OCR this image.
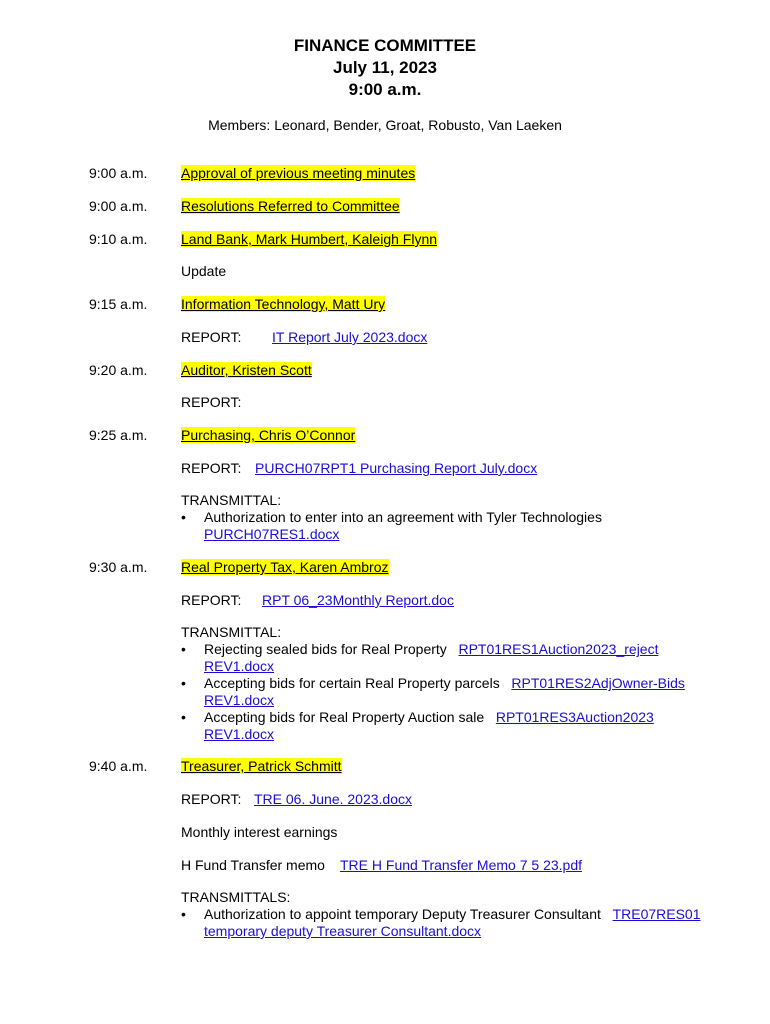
FINANCE COMMITTEE
July 11, 2023
9:00 a.m.
Members: Leonard, Bender, Groat, Robusto, Van Laeken
9:00 a.m. Approval of previous meeting minutes
9:00 a.m. Resolutions Referred to Committee
9:10 a.m. Land Bank, Mark Humbert, Kaleigh Flynn
Update
9:15 a.m. Information Technology, Matt Ury
REPORT: IT Report July 2023.docx
9:20 a.m. Auditor, Kristen Scott
REPORT:
9:25 a.m. Purchasing, Chris O’Connor
REPORT: PURCH07RPT1 Purchasing Report July.docx
TRANSMITTAL:
• Authorization to enter into an agreement with Tyler Technologies
PURCH07RES1.docx
9:30 a.m. Real Property Tax, Karen Ambroz
REPORT: RPT 06_23Monthly Report.doc
TRANSMITTAL:
• Rejecting sealed bids for Real Property RPT01RES1Auction2023_reject
REV1.docx
• Accepting bids for certain Real Property parcels RPT01RES2AdjOwner-Bids
REV1.docx
• Accepting bids for Real Property Auction sale RPT01RES3Auction2023
REV1.docx
9:40 a.m. Treasurer, Patrick Schmitt
REPORT: TRE 06. June. 2023.docx
Monthly interest earnings
H Fund Transfer memo TRE H Fund Transfer Memo 7 5 23.pdf
TRANSMITTALS:
• Authorization to appoint temporary Deputy Treasurer Consultant TRE07RES01
temporary deputy Treasurer Consultant.docx
